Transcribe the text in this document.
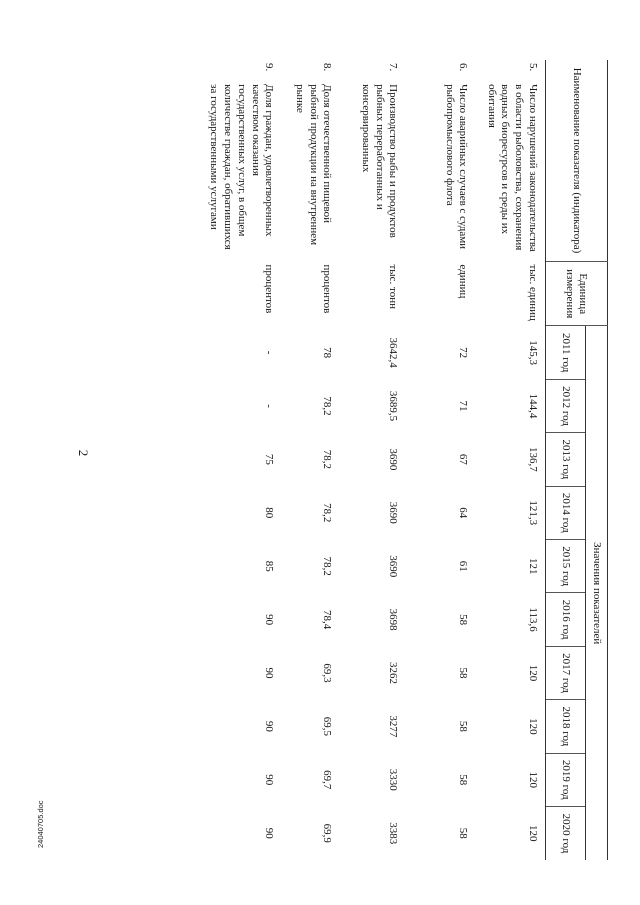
2
Наименование показателя (индикатора)		Единица измерения	Значения показателей									
			2011 год	2012 год	2013 год	2014 год	2015 год	2016 год	2017 год	2018 год	2019 год	2020 год
5.	Число нарушений законодательства в области рыболовства, сохранения водных биоресурсов и среды их обитания	тыс. единиц	145,3	144,4	136,7	121,3	121	113,6	120	120	120	120
6.	Число аварийных случаев с судами рыбопромыслового флота	единиц	72	71	67	64	61	58	58	58	58	58
7.	Производство рыбы и продуктов рыбных переработанных и консервированных	тыс. тонн	3642,4	3689,5	3690	3690	3690	3698	3262	3277	3330	3383
8.	Доля отечественной пищевой рыбной продукции на внутреннем рынке	процентов	78	78,2	78,2	78,2	78,2	78,4	69,3	69,5	69,7	69,9
9.	Доля граждан, удовлетворенных качеством оказания государственных услуг, в общем количестве граждан, обратившихся за государственными услугами	процентов	-	-	75	80	85	90	90	90	90	90
24040705.doc
